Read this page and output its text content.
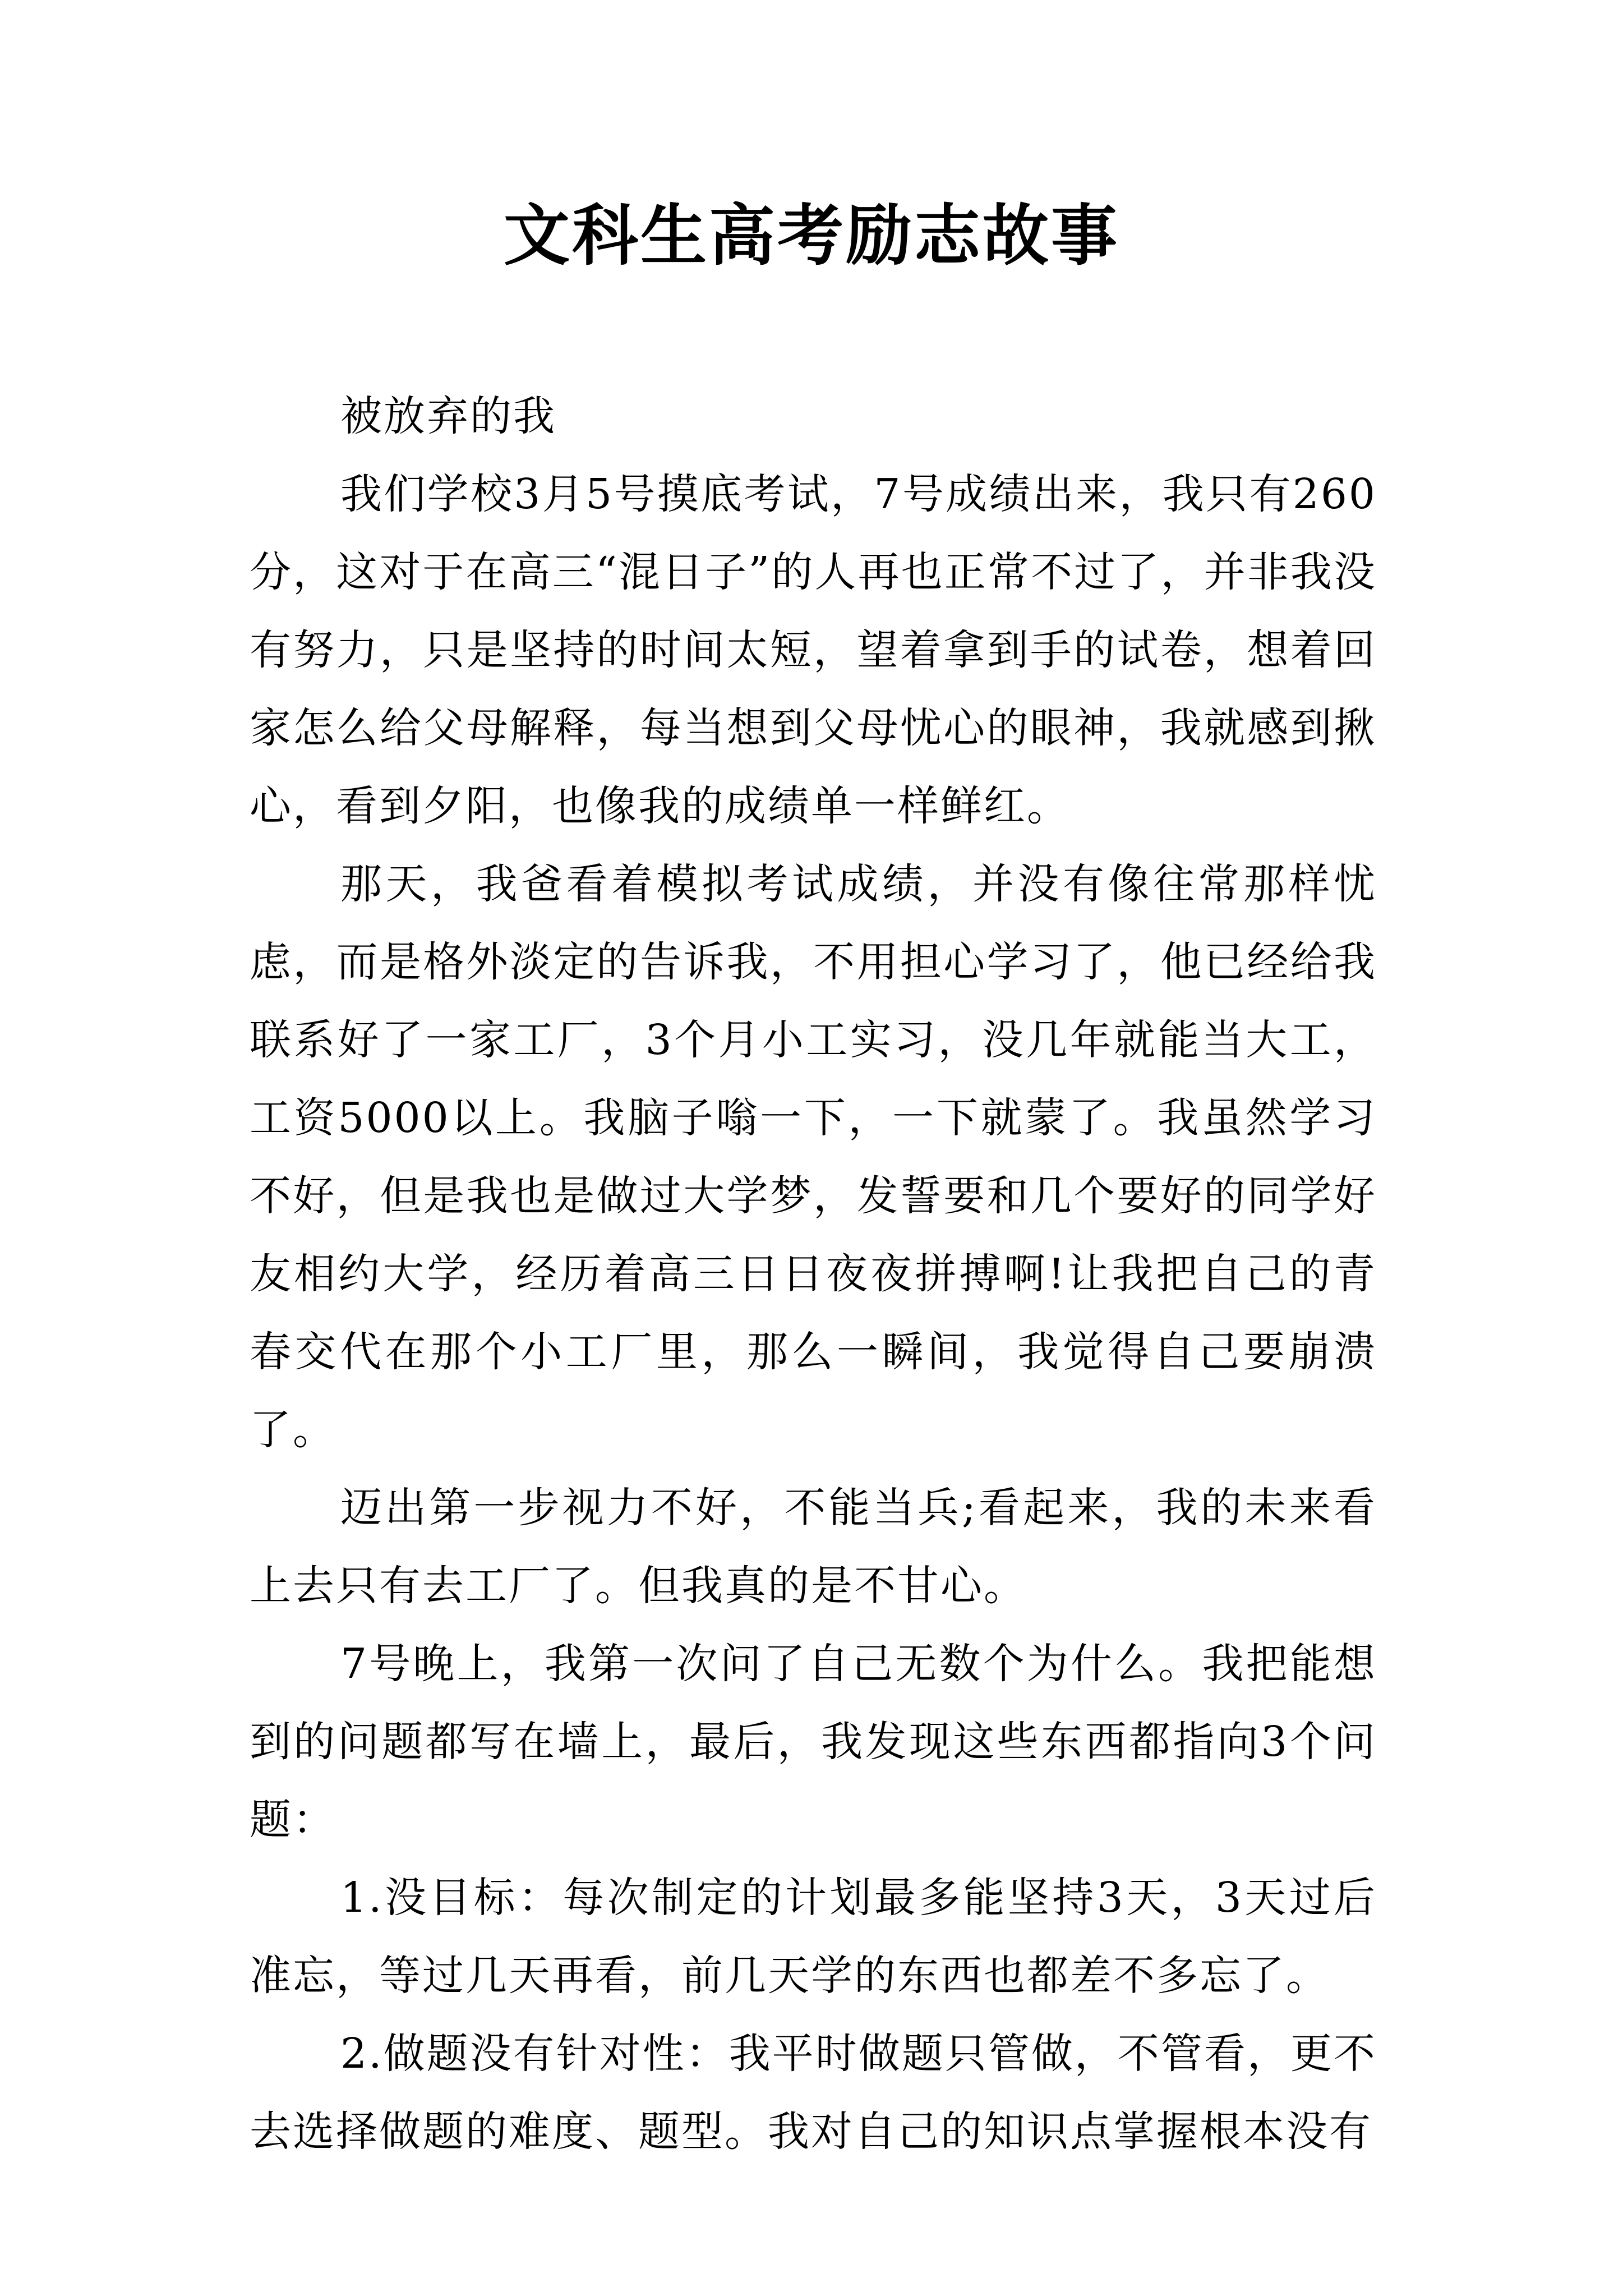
文科生高考励志故事

被放弃的我

我们学校3月5号摸底考试，7号成绩出来，我只有260分，这对于在高三“混日子”的人再也正常不过了，并非我没有努力，只是坚持的时间太短，望着拿到手的试卷，想着回家怎么给父母解释，每当想到父母忧心的眼神，我就感到揪心，看到夕阳，也像我的成绩单一样鲜红。

那天，我爸看着模拟考试成绩，并没有像往常那样忧虑，而是格外淡定的告诉我，不用担心学习了，他已经给我联系好了一家工厂，3个月小工实习，没几年就能当大工，工资5000以上。我脑子嗡一下，一下就蒙了。我虽然学习不好，但是我也是做过大学梦，发誓要和几个要好的同学好友相约大学，经历着高三日日夜夜拼搏啊!让我把自己的青春交代在那个小工厂里，那么一瞬间，我觉得自己要崩溃了。

迈出第一步视力不好，不能当兵;看起来，我的未来看上去只有去工厂了。但我真的是不甘心。

7号晚上，我第一次问了自己无数个为什么。我把能想到的问题都写在墙上，最后，我发现这些东西都指向3个问题：

1.没目标：每次制定的计划最多能坚持3天，3天过后准忘，等过几天再看，前几天学的东西也都差不多忘了。

2.做题没有针对性：我平时做题只管做，不管看，更不去选择做题的难度、题型。我对自己的知识点掌握根本没有
